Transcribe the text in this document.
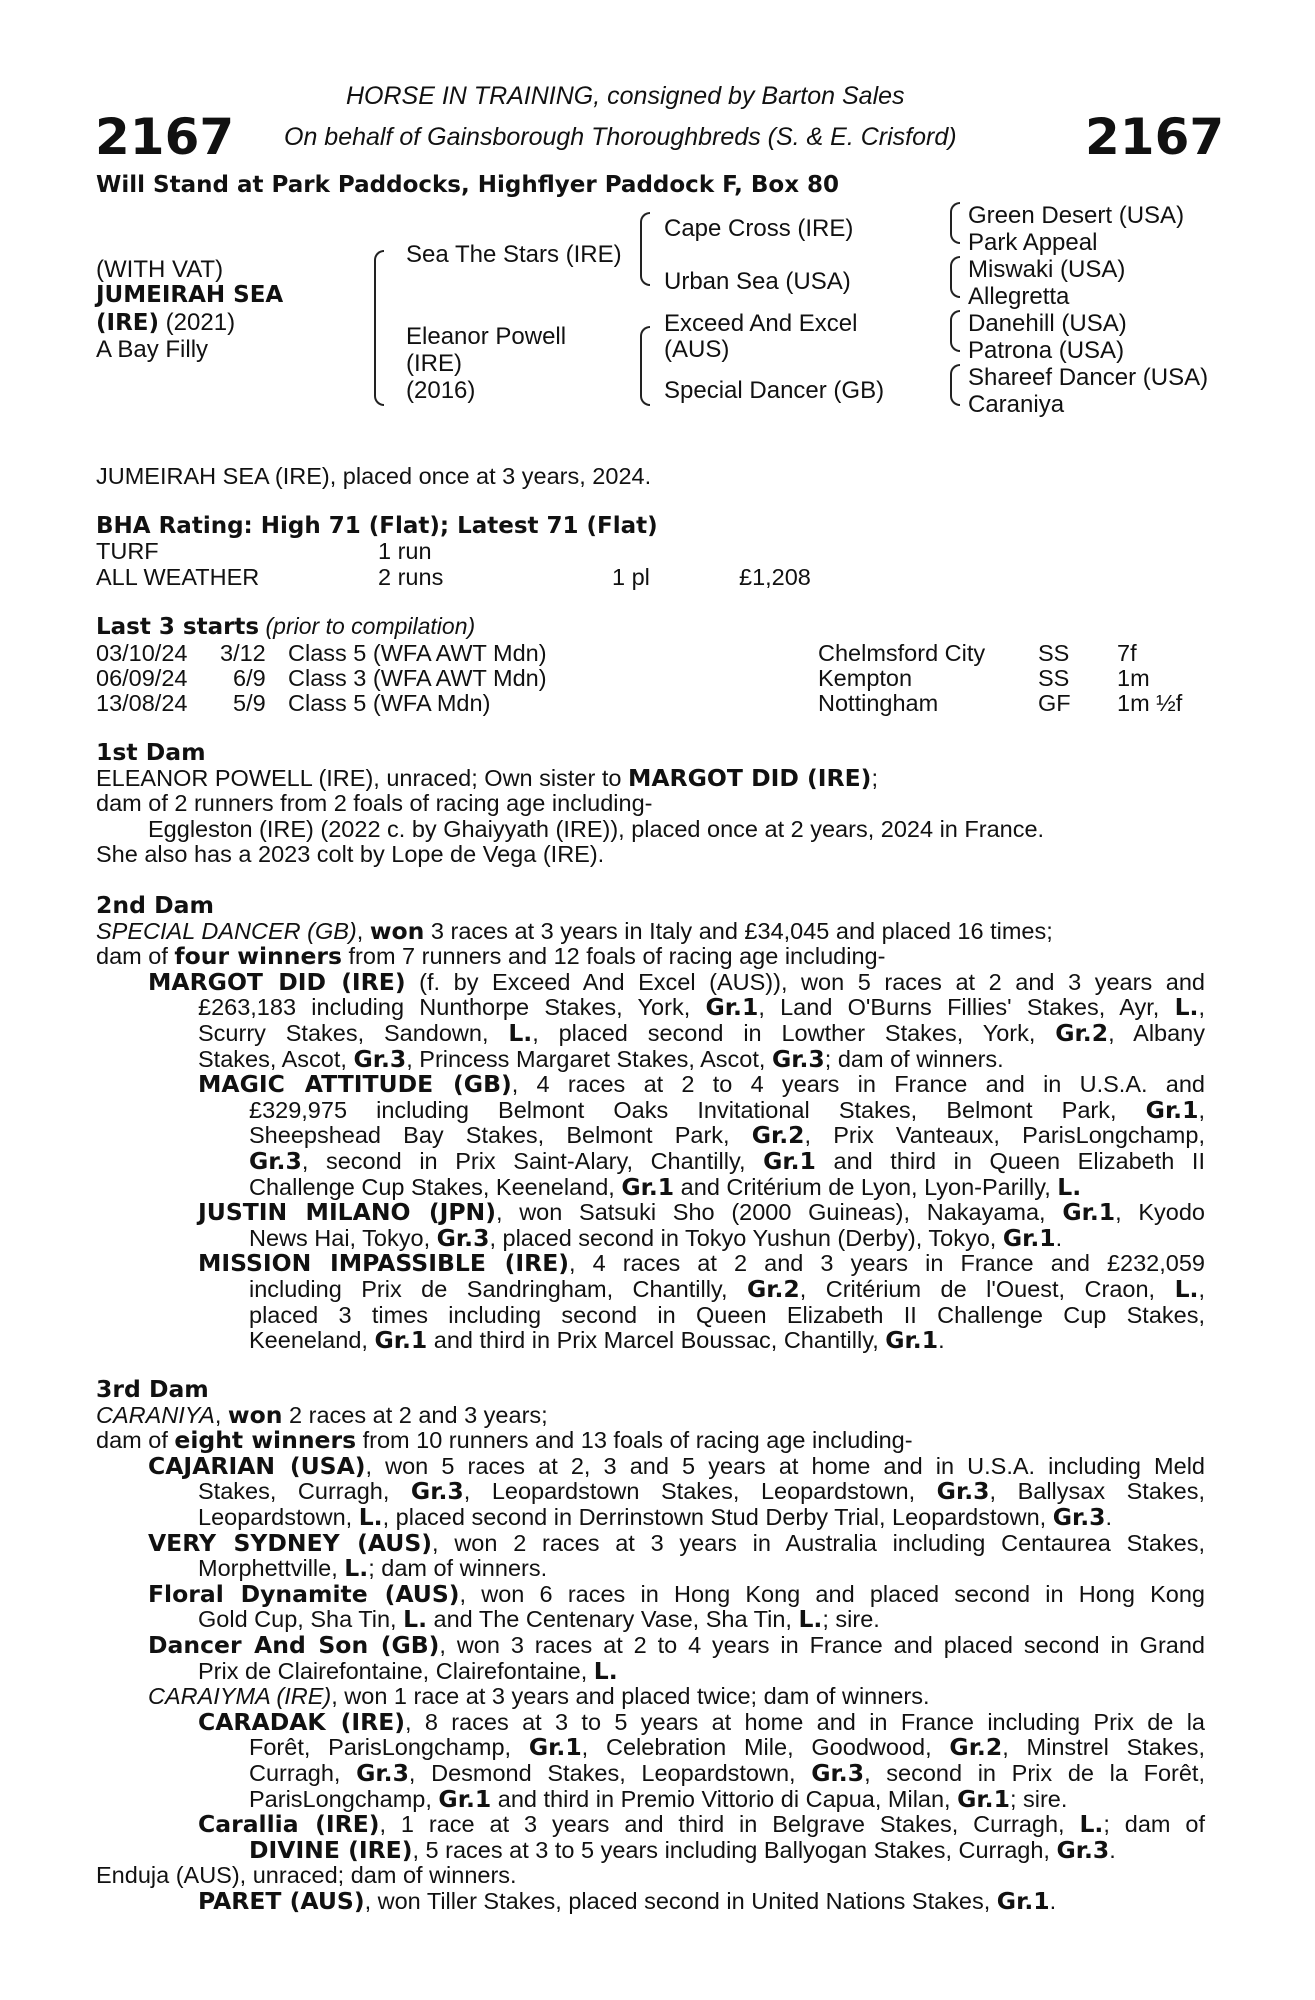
2167	2167
HORSE IN TRAINING, consigned by Barton Sales
On behalf of Gainsborough Thoroughbreds (S. & E. Crisford)
Will Stand at Park Paddocks, Highflyer Paddock F, Box 80
(WITH VAT)
JUMEIRAH SEA
(IRE) (2021)
A Bay Filly
Sea The Stars (IRE)
Eleanor Powell
(IRE)
(2016)
Cape Cross (IRE)
Urban Sea (USA)
Exceed And Excel
(AUS)
Special Dancer (GB)
Green Desert (USA)
Park Appeal
Miswaki (USA)
Allegretta
Danehill (USA)
Patrona (USA)
Shareef Dancer (USA)
Caraniya
JUMEIRAH SEA (IRE), placed once at 3 years, 2024.
BHA Rating: High 71 (Flat); Latest 71 (Flat)
TURF	1 run
ALL WEATHER	2 runs	1 pl	£1,208
Last 3 starts (prior to compilation)
03/10/24 3/12 Class 5 (WFA AWT Mdn)	Chelmsford City SS 7f
06/09/24 6/9 Class 3 (WFA AWT Mdn)	Kempton	SS 1m
13/08/24 5/9 Class 5 (WFA Mdn)	Nottingham	GF 1m ½f

1st Dam

ELEANOR POWELL (IRE), unraced; Own sister to MARGOT DID (IRE);

dam of 2 runners from 2 foals of racing age including-

Eggleston (IRE) (2022 c. by Ghaiyyath (IRE)), placed once at 2 years, 2024 in France.

She also has a 2023 colt by Lope de Vega (IRE).

2nd Dam

SPECIAL DANCER (GB), won 3 races at 3 years in Italy and £34,045 and placed 16 times;

dam of four winners from 7 runners and 12 foals of racing age including-

MARGOT DID (IRE) (f. by Exceed And Excel (AUS)), won 5 races at 2 and 3 years and

£263,183 including Nunthorpe Stakes, York, Gr.1, Land O'Burns Fillies' Stakes, Ayr, L.,

Scurry Stakes, Sandown, L., placed second in Lowther Stakes, York, Gr.2, Albany

Stakes, Ascot, Gr.3, Princess Margaret Stakes, Ascot, Gr.3; dam of winners.

MAGIC ATTITUDE (GB), 4 races at 2 to 4 years in France and in U.S.A. and

£329,975 including Belmont Oaks Invitational Stakes, Belmont Park, Gr.1,

Sheepshead Bay Stakes, Belmont Park, Gr.2, Prix Vanteaux, ParisLongchamp,

Gr.3, second in Prix Saint-Alary, Chantilly, Gr.1 and third in Queen Elizabeth II

Challenge Cup Stakes, Keeneland, Gr.1 and Critérium de Lyon, Lyon-Parilly, L.

JUSTIN MILANO (JPN), won Satsuki Sho (2000 Guineas), Nakayama, Gr.1, Kyodo

News Hai, Tokyo, Gr.3, placed second in Tokyo Yushun (Derby), Tokyo, Gr.1.

MISSION IMPASSIBLE (IRE), 4 races at 2 and 3 years in France and £232,059

including Prix de Sandringham, Chantilly, Gr.2, Critérium de l'Ouest, Craon, L.,

placed 3 times including second in Queen Elizabeth II Challenge Cup Stakes,

Keeneland, Gr.1 and third in Prix Marcel Boussac, Chantilly, Gr.1.

3rd Dam

CARANIYA, won 2 races at 2 and 3 years;

dam of eight winners from 10 runners and 13 foals of racing age including-

CAJARIAN (USA), won 5 races at 2, 3 and 5 years at home and in U.S.A. including Meld

Stakes, Curragh, Gr.3, Leopardstown Stakes, Leopardstown, Gr.3, Ballysax Stakes,

Leopardstown, L., placed second in Derrinstown Stud Derby Trial, Leopardstown, Gr.3.

VERY SYDNEY (AUS), won 2 races at 3 years in Australia including Centaurea Stakes,

Morphettville, L.; dam of winners.

Floral Dynamite (AUS), won 6 races in Hong Kong and placed second in Hong Kong

Gold Cup, Sha Tin, L. and The Centenary Vase, Sha Tin, L.; sire.

Dancer And Son (GB), won 3 races at 2 to 4 years in France and placed second in Grand

Prix de Clairefontaine, Clairefontaine, L.

CARAIYMA (IRE), won 1 race at 3 years and placed twice; dam of winners.

CARADAK (IRE), 8 races at 3 to 5 years at home and in France including Prix de la

Forêt, ParisLongchamp, Gr.1, Celebration Mile, Goodwood, Gr.2, Minstrel Stakes,

Curragh, Gr.3, Desmond Stakes, Leopardstown, Gr.3, second in Prix de la Forêt,

ParisLongchamp, Gr.1 and third in Premio Vittorio di Capua, Milan, Gr.1; sire.

Carallia (IRE), 1 race at 3 years and third in Belgrave Stakes, Curragh, L.; dam of

DIVINE (IRE), 5 races at 3 to 5 years including Ballyogan Stakes, Curragh, Gr.3.

Enduja (AUS), unraced; dam of winners.

PARET (AUS), won Tiller Stakes, placed second in United Nations Stakes, Gr.1.
